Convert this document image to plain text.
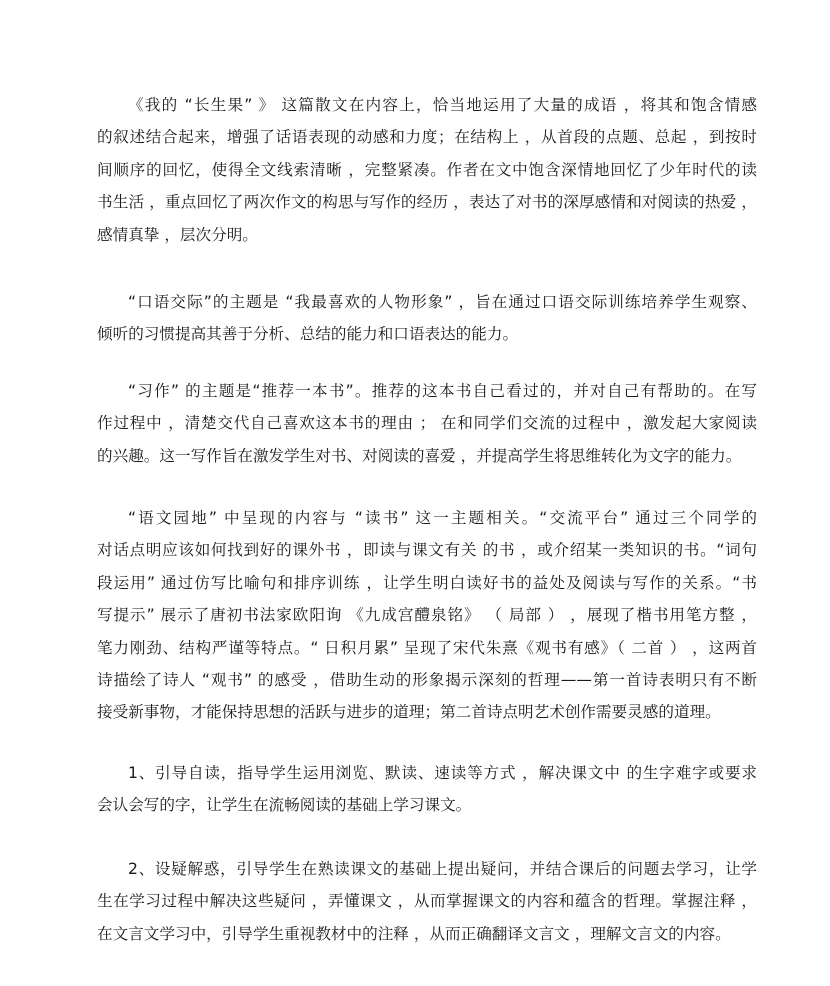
《我的 “长生果” 》 这篇散文在内容上，恰当地运用了大量的成语 ，将其和饱含情感
的叙述结合起来，增强了话语表现的动感和力度；在结构上 ，从首段的点题、总起 ，到按时
间顺序的回忆，使得全文线索清晰 ，完整紧凑。作者在文中饱含深情地回忆了少年时代的读
书生活 ，重点回忆了两次作文的构思与写作的经历 ，表达了对书的深厚感情和对阅读的热爱 ，
感情真挚 ，层次分明。
“口语交际”的主题是 “我最喜欢的人物形象” ，旨在通过口语交际训练培养学生观察、
倾听的习惯提高其善于分析、总结的能力和口语表达的能力。
“习作” 的主题是“推荐一本书”。推荐的这本书自己看过的，并对自己有帮助的。在写
作过程中 ，清楚交代自己喜欢这本书的理由 ； 在和同学们交流的过程中 ，激发起大家阅读
的兴趣。这一写作旨在激发学生对书、对阅读的喜爱 ，并提高学生将思维转化为文字的能力。
“语文园地” 中呈现的内容与 “读书” 这一主题相关。“交流平台” 通过三个同学的
对话点明应该如何找到好的课外书 ，即读与课文有关 的书 ，或介绍某一类知识的书。“词句
段运用” 通过仿写比喻句和排序训练 ，让学生明白读好书的益处及阅读与写作的关系。“书
写提示” 展示了唐初书法家欧阳询 《九成宫醴泉铭》 （ 局部 ） ，展现了楷书用笔方整 ，
笔力刚劲、结构严谨等特点。“ 日积月累” 呈现了宋代朱熹《观书有感》（ 二首 ） ，这两首
诗描绘了诗人 “观书” 的感受 ，借助生动的形象揭示深刻的哲理——第一首诗表明只有不断
接受新事物，才能保持思想的活跃与进步的道理；第二首诗点明艺术创作需要灵感的道理。
1、引导自读，指导学生运用浏览、默读、速读等方式 ，解决课文中 的生字难字或要求
会认会写的字，让学生在流畅阅读的基础上学习课文。
2、设疑解惑，引导学生在熟读课文的基础上提出疑问，并结合课后的问题去学习，让学
生在学习过程中解决这些疑问 ，弄懂课文 ，从而掌握课文的内容和蕴含的哲理。掌握注释 ，
在文言文学习中，引导学生重视教材中的注释 ，从而正确翻译文言文 ，理解文言文的内容。
